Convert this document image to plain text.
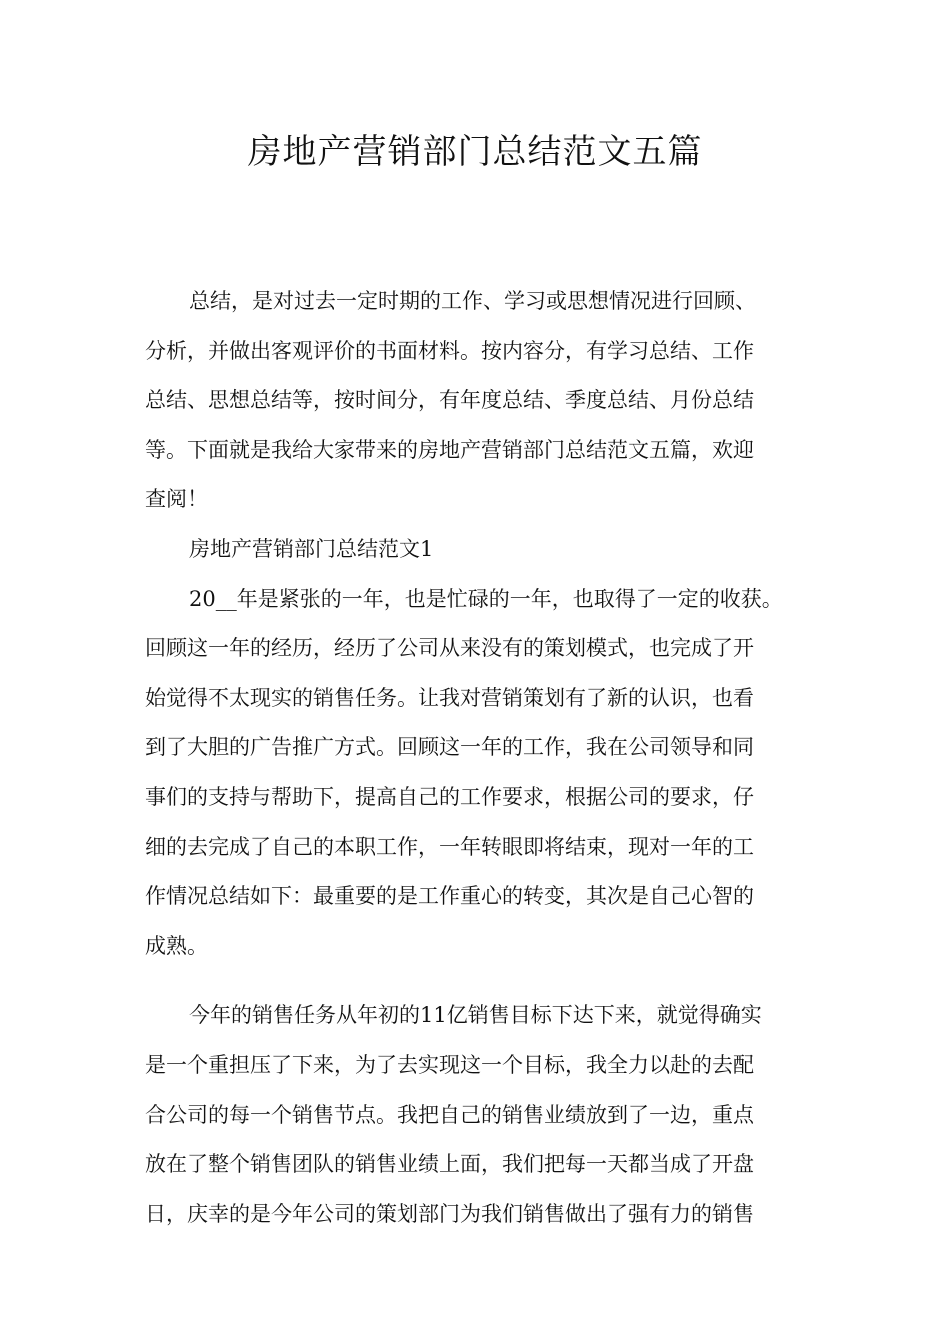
房地产营销部门总结范文五篇
总结，是对过去一定时期的工作、学习或思想情况进行回顾、
分析，并做出客观评价的书面材料。按内容分，有学习总结、工作
总结、思想总结等，按时间分，有年度总结、季度总结、月份总结
等。下面就是我给大家带来的房地产营销部门总结范文五篇，欢迎
查阅！
房地产营销部门总结范文1
20__年是紧张的一年，也是忙碌的一年，也取得了一定的收获。
回顾这一年的经历，经历了公司从来没有的策划模式，也完成了开
始觉得不太现实的销售任务。让我对营销策划有了新的认识，也看
到了大胆的广告推广方式。回顾这一年的工作，我在公司领导和同
事们的支持与帮助下，提高自己的工作要求，根据公司的要求，仔
细的去完成了自己的本职工作，一年转眼即将结束，现对一年的工
作情况总结如下：最重要的是工作重心的转变，其次是自己心智的
成熟。
今年的销售任务从年初的11亿销售目标下达下来，就觉得确实
是一个重担压了下来，为了去实现这一个目标，我全力以赴的去配
合公司的每一个销售节点。我把自己的销售业绩放到了一边，重点
放在了整个销售团队的销售业绩上面，我们把每一天都当成了开盘
日，庆幸的是今年公司的策划部门为我们销售做出了强有力的销售
